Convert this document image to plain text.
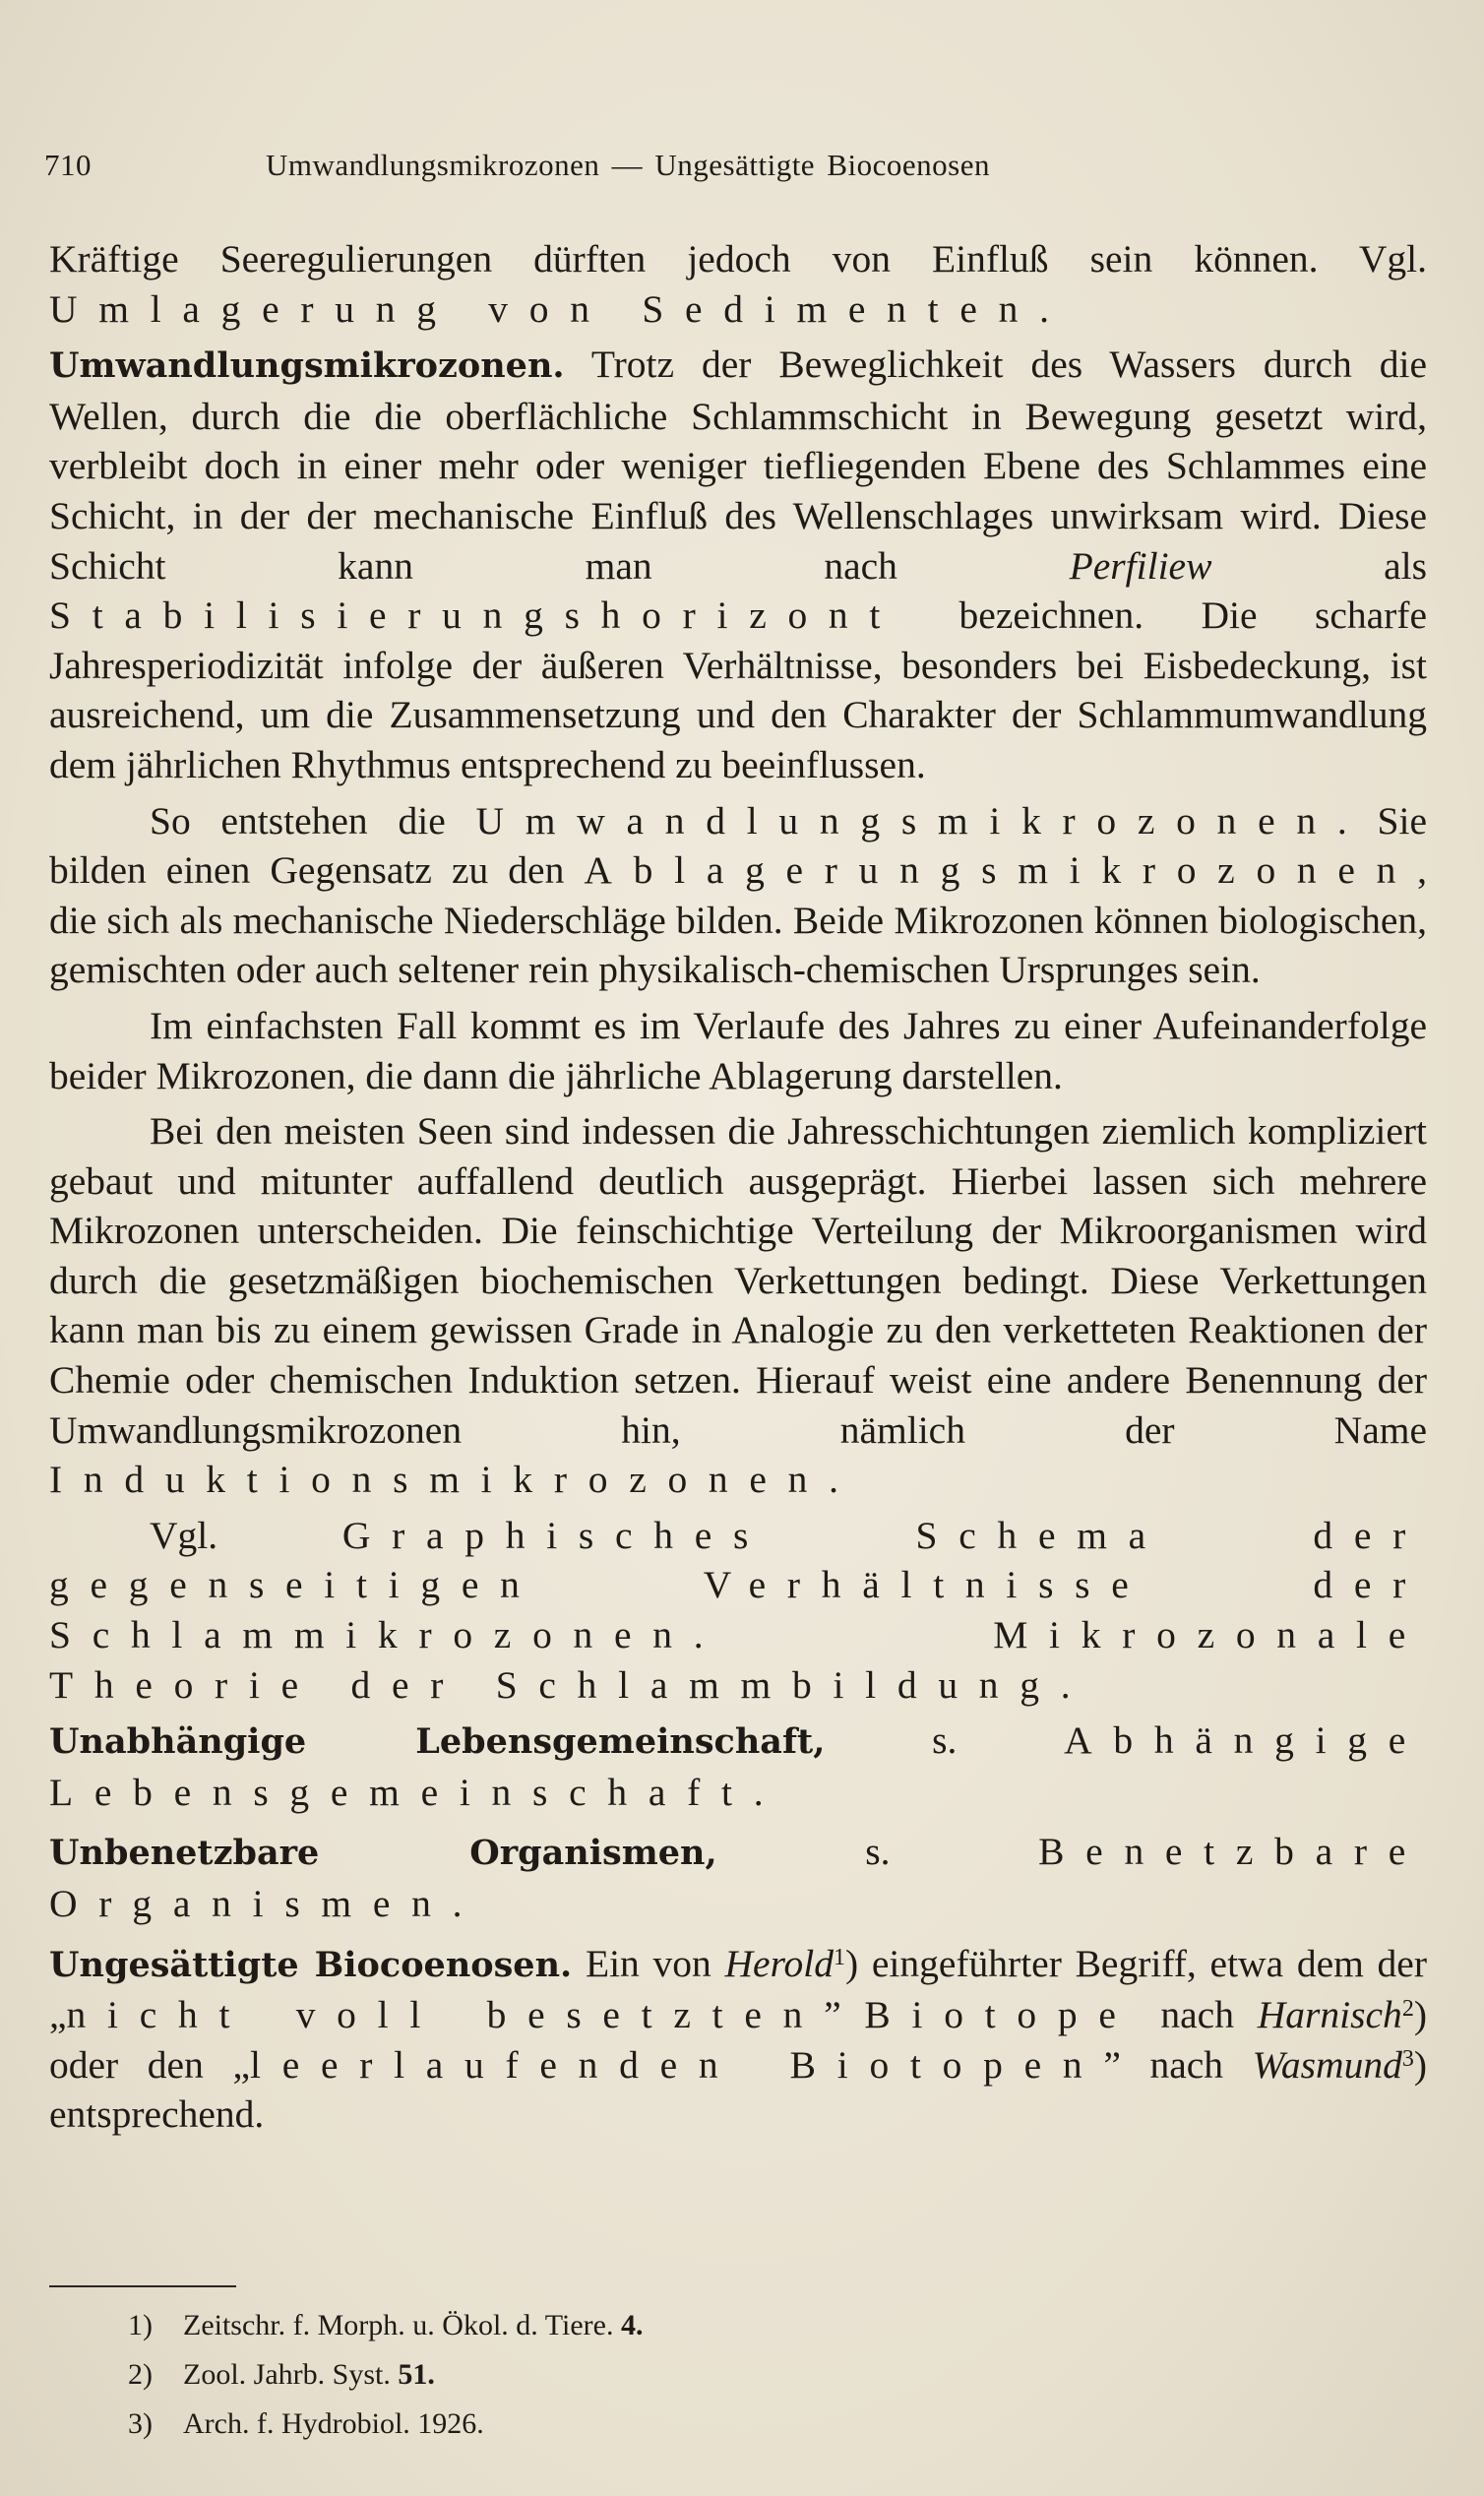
710	Umwandlungsmikrozonen — Ungesättigte Biocoenosen

Kräftige Seeregulierungen dürften jedoch von Einfluß sein können. Vgl. Umlagerung von Sedimenten.

Umwandlungsmikrozonen. Trotz der Beweglichkeit des Wassers durch die Wellen, durch die die oberflächliche Schlammschicht in Bewegung gesetzt wird, verbleibt doch in einer mehr oder weniger tiefliegenden Ebene des Schlammes eine Schicht, in der der mechanische Einfluß des Wellenschlages unwirksam wird. Diese Schicht kann man nach Perfiliew als Stabilisierungshorizont bezeichnen. Die scharfe Jahresperiodizität infolge der äußeren Verhältnisse, besonders bei Eisbedeckung, ist ausreichend, um die Zusammensetzung und den Charakter der Schlammumwandlung dem jährlichen Rhythmus entsprechend zu beeinflussen.

So entstehen die Umwandlungsmikrozonen. Sie bilden einen Gegensatz zu den Ablagerungsmikrozonen, die sich als mechanische Niederschläge bilden. Beide Mikrozonen können biologischen, gemischten oder auch seltener rein physikalisch-chemischen Ursprunges sein.

Im einfachsten Fall kommt es im Verlaufe des Jahres zu einer Aufeinanderfolge beider Mikrozonen, die dann die jährliche Ablagerung darstellen.

Bei den meisten Seen sind indessen die Jahresschichtungen ziemlich kompliziert gebaut und mitunter auffallend deutlich ausgeprägt. Hierbei lassen sich mehrere Mikrozonen unterscheiden. Die feinschichtige Verteilung der Mikroorganismen wird durch die gesetzmäßigen biochemischen Verkettungen bedingt. Diese Verkettungen kann man bis zu einem gewissen Grade in Analogie zu den verketteten Reaktionen der Chemie oder chemischen Induktion setzen. Hierauf weist eine andere Benennung der Umwandlungsmikrozonen hin, nämlich der Name Induktionsmikrozonen.

Vgl. Graphisches Schema der gegenseitigen Verhältnisse der Schlammikrozonen. Mikrozonale Theorie der Schlammbildung.

Unabhängige Lebensgemeinschaft, s. Abhängige Lebensgemeinschaft.

Unbenetzbare Organismen, s. Benetzbare Organismen.

Ungesättigte Biocoenosen. Ein von Herold$^1$) eingeführter Begriff, etwa dem der „nicht voll besetzten” Biotope nach Harnisch$^2$) oder den „leerlaufenden Biotopen” nach Wasmund$^3$) entsprechend.

1) Zeitschr. f. Morph. u. Ökol. d. Tiere. 4.
2) Zool. Jahrb. Syst. 51.
3) Arch. f. Hydrobiol. 1926.
